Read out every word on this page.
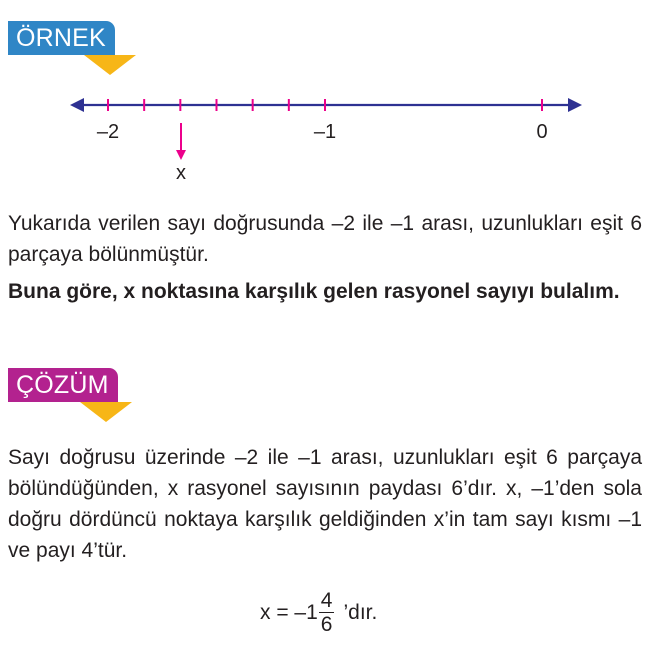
ÖRNEK
–2	–1	0
x

Yukarıda verilen sayı doğrusunda –2 ile –1 arası, uzunlukları eşit 6 parçaya bölünmüştür.

Buna göre, x noktasına karşılık gelen rasyonel sayıyı bulalım.

ÇÖZÜM

Sayı doğrusu üzerinde –2 ile –1 arası, uzunlukları eşit 6 parçaya bölündüğünden, x rasyonel sayısının paydası 6’dır. x, –1’den sola doğru dördüncü noktaya karşılık geldiğinden x’in tam sayı kısmı –1 ve payı 4’tür.

$x = -1 \frac{4}{6}$ ’dır.
